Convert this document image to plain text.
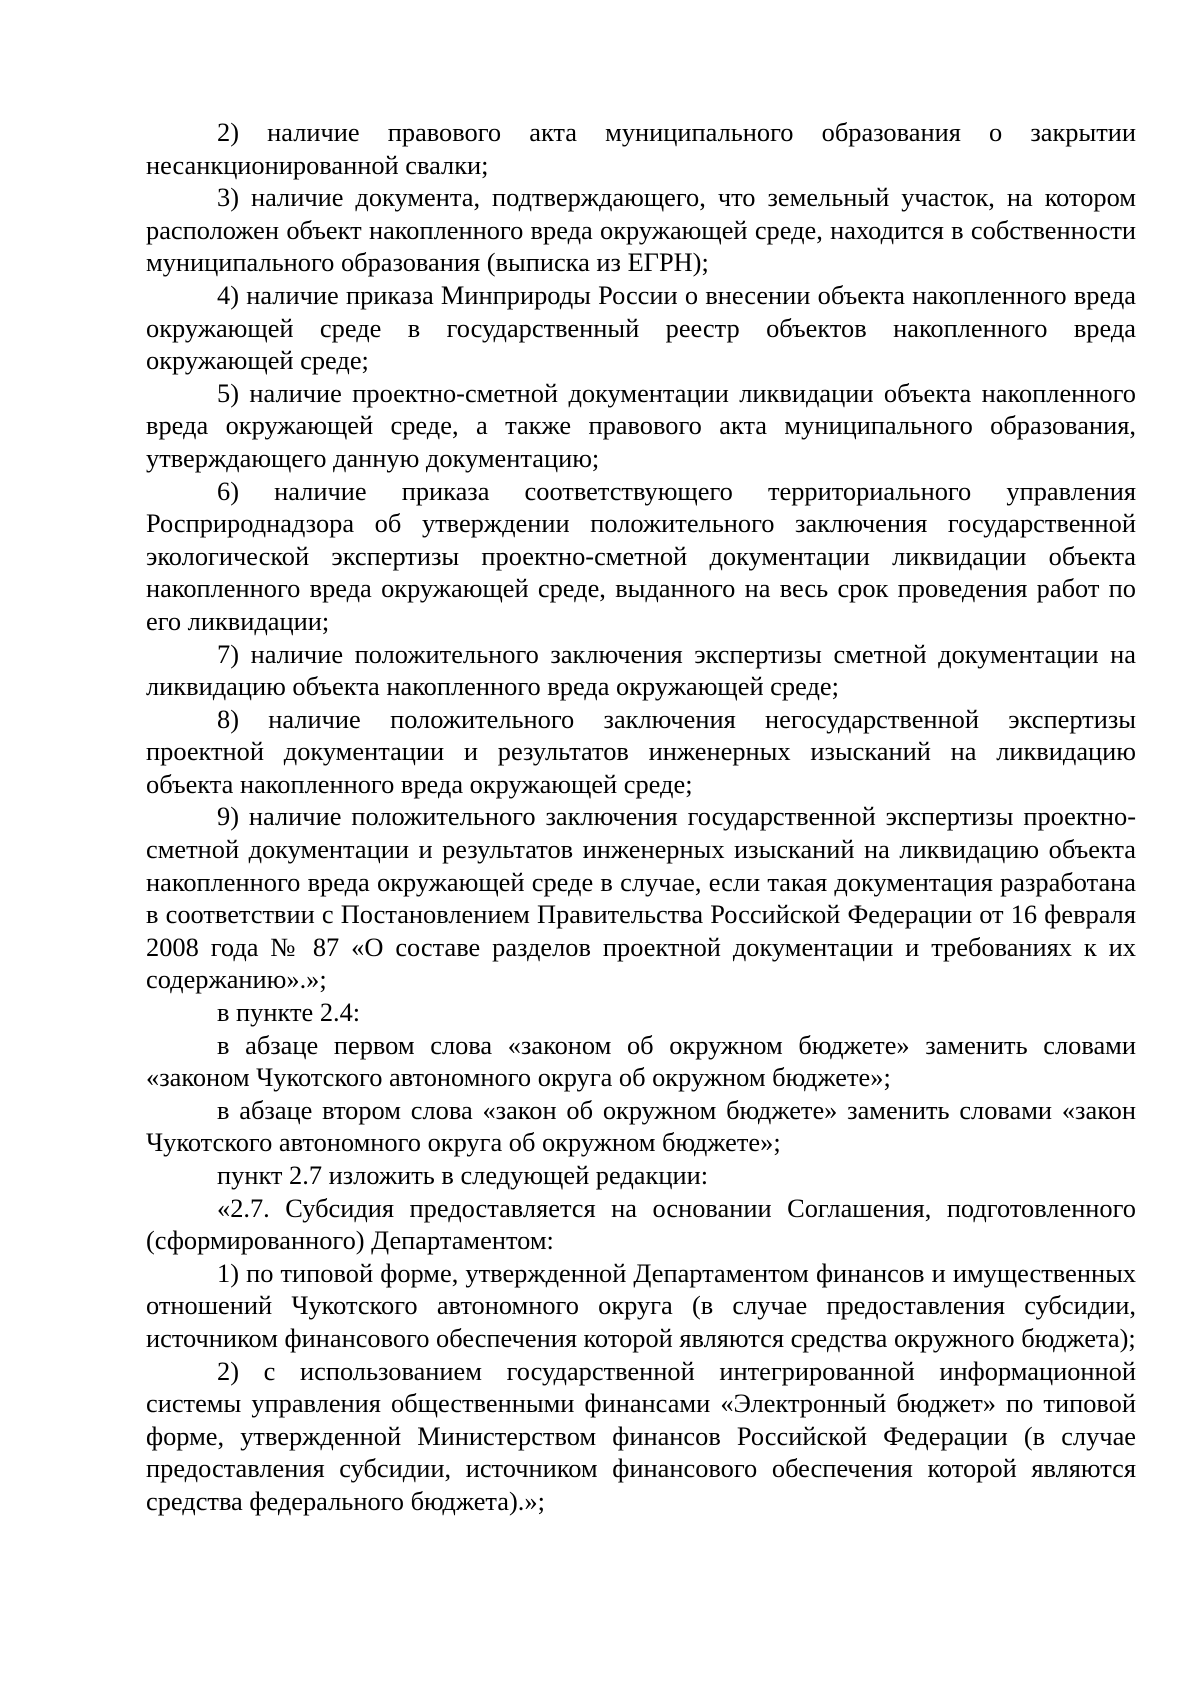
2) наличие правового акта муниципального образования о закрытии несанкционированной свалки;

3) наличие документа, подтверждающего, что земельный участок, на котором расположен объект накопленного вреда окружающей среде, находится в собственности муниципального образования (выписка из ЕГРН);

4) наличие приказа Минприроды России о внесении объекта накопленного вреда окружающей среде в государственный реестр объектов накопленного вреда окружающей среде;

5) наличие проектно-сметной документации ликвидации объекта накопленного вреда окружающей среде, а также правового акта муниципального образования, утверждающего данную документацию;

6) наличие приказа соответствующего территориального управления Росприроднадзора об утверждении положительного заключения государственной экологической экспертизы проектно-сметной документации ликвидации объекта накопленного вреда окружающей среде, выданного на весь срок проведения работ по его ликвидации;

7) наличие положительного заключения экспертизы сметной документации на ликвидацию объекта накопленного вреда окружающей среде;

8) наличие положительного заключения негосударственной экспертизы проектной документации и результатов инженерных изысканий на ликвидацию объекта накопленного вреда окружающей среде;

9) наличие положительного заключения государственной экспертизы проектно-сметной документации и результатов инженерных изысканий на ликвидацию объекта накопленного вреда окружающей среде в случае, если такая документация разработана в соответствии с Постановлением Правительства Российской Федерации от 16 февраля 2008 года № 87 «О составе разделов проектной документации и требованиях к их содержанию».»;

в пункте 2.4:

в абзаце первом слова «законом об окружном бюджете» заменить словами «законом Чукотского автономного округа об окружном бюджете»;

в абзаце втором слова «закон об окружном бюджете» заменить словами «закон Чукотского автономного округа об окружном бюджете»;

пункт 2.7 изложить в следующей редакции:

«2.7. Субсидия предоставляется на основании Соглашения, подготовленного (сформированного) Департаментом:

1) по типовой форме, утвержденной Департаментом финансов и имущественных отношений Чукотского автономного округа (в случае предоставления субсидии, источником финансового обеспечения которой являются средства окружного бюджета);

2) с использованием государственной интегрированной информационной системы управления общественными финансами «Электронный бюджет» по типовой форме, утвержденной Министерством финансов Российской Федерации (в случае предоставления субсидии, источником финансового обеспечения которой являются средства федерального бюджета).»;
